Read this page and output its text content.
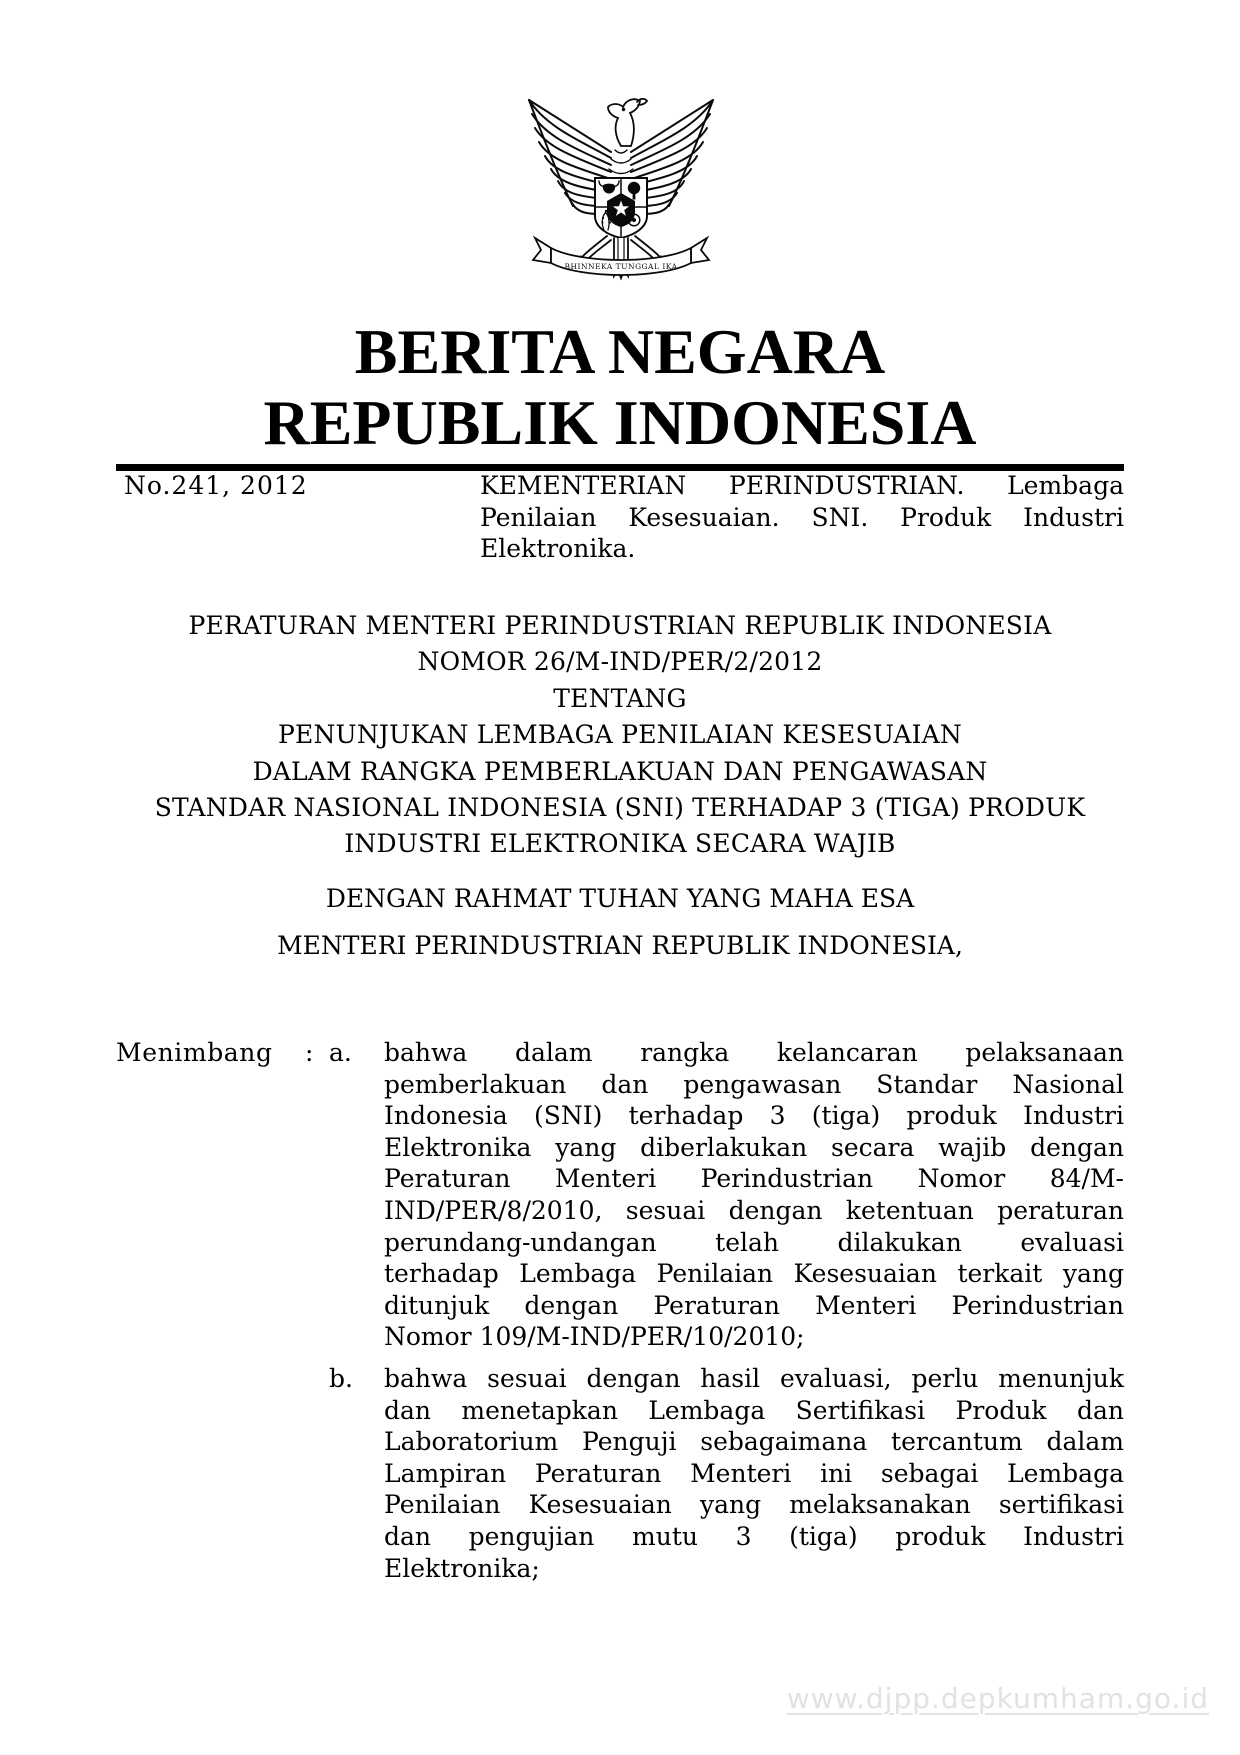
BHINNEKA TUNGGAL IKA
BERITA NEGARA
REPUBLIK INDONESIA
No.241, 2012	KEMENTERIAN PERINDUSTRIAN. Lembaga
Penilaian Kesesuaian. SNI. Produk Industri
Elektronika.
PERATURAN MENTERI PERINDUSTRIAN REPUBLIK INDONESIA
NOMOR 26/M-IND/PER/2/2012
TENTANG
PENUNJUKAN LEMBAGA PENILAIAN KESESUAIAN
DALAM RANGKA PEMBERLAKUAN DAN PENGAWASAN
STANDAR NASIONAL INDONESIA (SNI) TERHADAP 3 (TIGA) PRODUK
INDUSTRI ELEKTRONIKA SECARA WAJIB
DENGAN RAHMAT TUHAN YANG MAHA ESA
MENTERI PERINDUSTRIAN REPUBLIK INDONESIA,
Menimbang : a. bahwa dalam rangka kelancaran pelaksanaan
pemberlakuan dan pengawasan Standar Nasional
Indonesia (SNI) terhadap 3 (tiga) produk Industri
Elektronika yang diberlakukan secara wajib dengan
Peraturan Menteri Perindustrian Nomor 84/M-
IND/PER/8/2010, sesuai dengan ketentuan peraturan
perundang-undangan telah dilakukan evaluasi
terhadap Lembaga Penilaian Kesesuaian terkait yang
ditunjuk dengan Peraturan Menteri Perindustrian
Nomor 109/M-IND/PER/10/2010;
b. bahwa sesuai dengan hasil evaluasi, perlu menunjuk
dan menetapkan Lembaga Sertifikasi Produk dan
Laboratorium Penguji sebagaimana tercantum dalam
Lampiran Peraturan Menteri ini sebagai Lembaga
Penilaian Kesesuaian yang melaksanakan sertifikasi
dan pengujian mutu 3 (tiga) produk Industri
Elektronika;
www.djpp.depkumham.go.id
